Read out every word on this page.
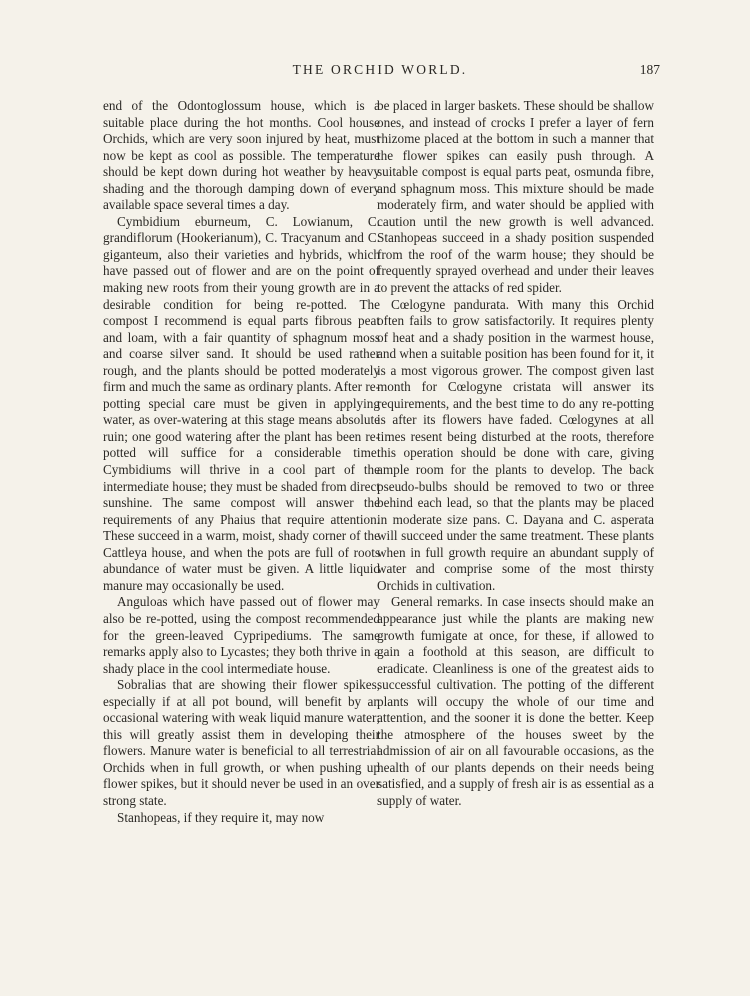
THE ORCHID WORLD.	187

end of the Odontoglossum house, which is a suitable place during the hot months. Cool house Orchids, which are very soon injured by heat, must now be kept as cool as possible. The temperature should be kept down during hot weather by heavy shading and the thorough damping down of every available space several times a day.

Cymbidium eburneum, C. Lowianum, C. grandiflorum (Hookerianum), C. Tracyanum and C. giganteum, also their varieties and hybrids, which have passed out of flower and are on the point of making new roots from their young growth are in a desirable condition for being re-potted. The compost I recommend is equal parts fibrous peat and loam, with a fair quantity of sphagnum moss and coarse silver sand. It should be used rather rough, and the plants should be potted moderately firm and much the same as ordinary plants. After re-potting special care must be given in applying water, as over-watering at this stage means absolute ruin; one good watering after the plant has been re-potted will suffice for a considerable time. Cymbidiums will thrive in a cool part of the intermediate house; they must be shaded from direct sunshine. The same compost will answer the requirements of any Phaius that require attention. These succeed in a warm, moist, shady corner of the Cattleya house, and when the pots are full of roots abundance of water must be given. A little liquid manure may occasionally be used.

Anguloas which have passed out of flower may also be re-potted, using the compost recommended for the green-leaved Cypripediums. The same remarks apply also to Lycastes; they both thrive in a shady place in the cool intermediate house.

Sobralias that are showing their flower spikes, especially if at all pot bound, will benefit by an occasional watering with weak liquid manure water; this will greatly assist them in developing their flowers. Manure water is beneficial to all terrestrial Orchids when in full growth, or when pushing up flower spikes, but it should never be used in an over strong state.

Stanhopeas, if they require it, may now

be placed in larger baskets. These should be shallow ones, and instead of crocks I prefer a layer of fern rhizome placed at the bottom in such a manner that the flower spikes can easily push through. A suitable compost is equal parts peat, osmunda fibre, and sphagnum moss. This mixture should be made moderately firm, and water should be applied with caution until the new growth is well advanced. Stanhopeas succeed in a shady position suspended from the roof of the warm house; they should be frequently sprayed overhead and under their leaves to prevent the attacks of red spider.

Cœlogyne pandurata. With many this Orchid often fails to grow satisfactorily. It requires plenty of heat and a shady position in the warmest house, and when a suitable position has been found for it, it is a most vigorous grower. The compost given last month for Cœlogyne cristata will answer its requirements, and the best time to do any re-potting is after its flowers have faded. Cœlogynes at all times resent being disturbed at the roots, therefore this operation should be done with care, giving ample room for the plants to develop. The back pseudo-bulbs should be removed to two or three behind each lead, so that the plants may be placed in moderate size pans. C. Dayana and C. asperata will succeed under the same treatment. These plants when in full growth require an abundant supply of water and comprise some of the most thirsty Orchids in cultivation.

General remarks. In case insects should make an appearance just while the plants are making new growth fumigate at once, for these, if allowed to gain a foothold at this season, are difficult to eradicate. Cleanliness is one of the greatest aids to successful cultivation. The potting of the different plants will occupy the whole of our time and attention, and the sooner it is done the better. Keep the atmosphere of the houses sweet by the admission of air on all favourable occasions, as the health of our plants depends on their needs being satisfied, and a supply of fresh air is as essential as a supply of water.
